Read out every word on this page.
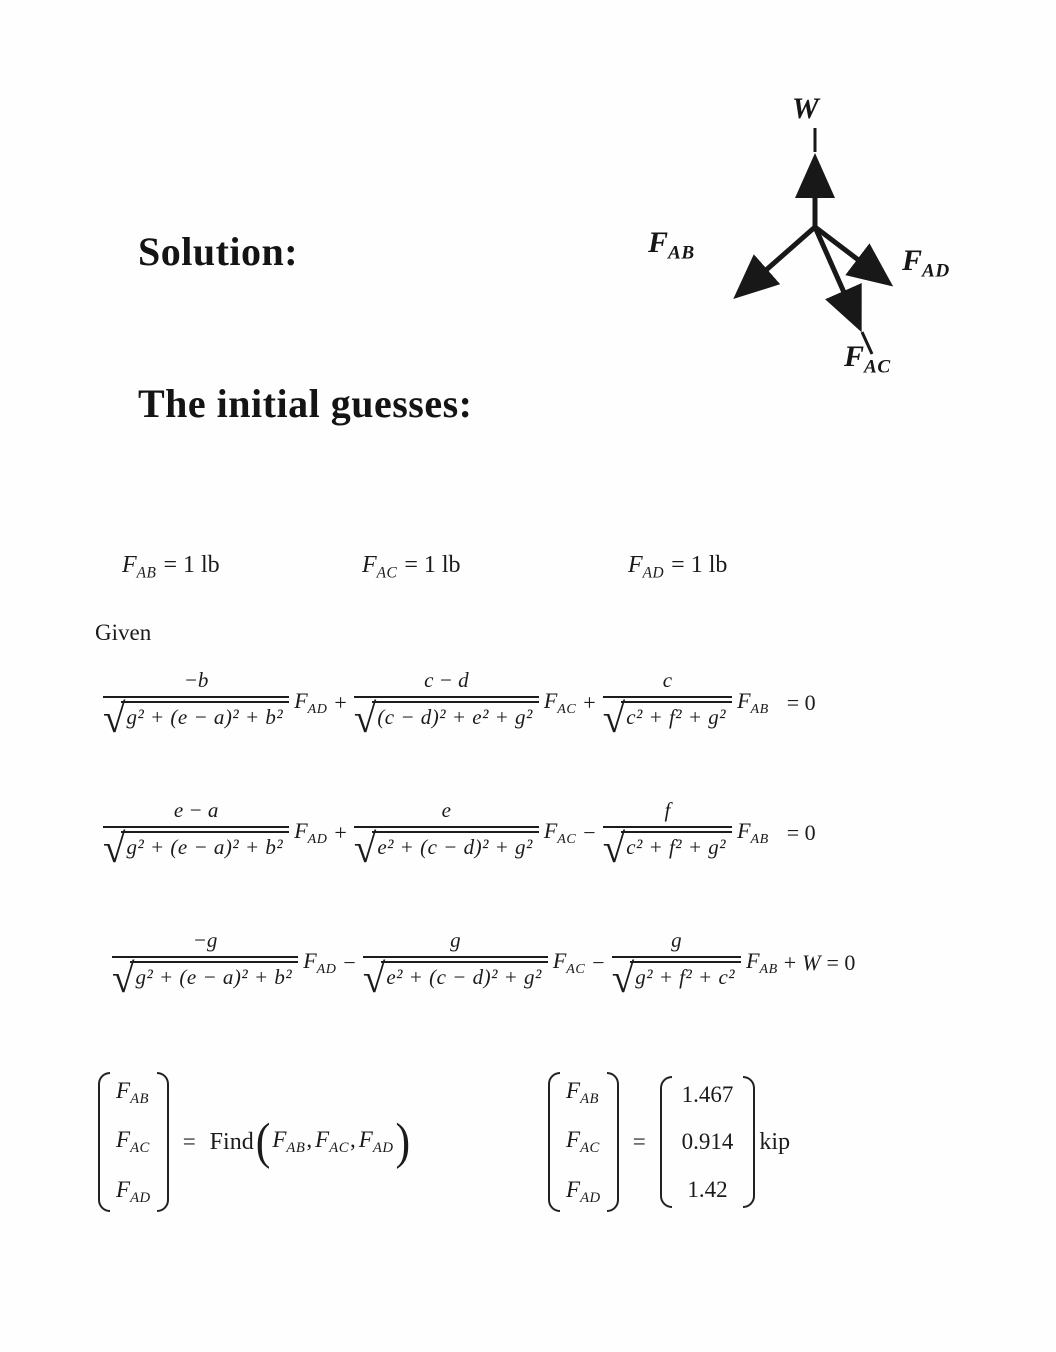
Solution:
W
$F_{AB}$	$F_{AD}$
$F_{AC}$
The initial guesses:
$F_{AB} = 1$ lb	$F_{AC} = 1$ lb	$F_{AD} = 1$ lb
Given
$\frac{-b}{\text{√ g² + (e − a)² + b²}} F_{AD} + \frac{c - d}{\text{√ (c − d)² + e² + g²}} F_{AC} + \frac{c}{\text{√ c² + f² + g²}} F_{AB} = 0$
$\frac{e - a}{\text{√ g² + (e − a)² + b²}} F_{AD} + \frac{e}{\text{√ e² + (c − d)² + g²}} F_{AC} - \frac{f}{\text{√ c² + f² + g²}} F_{AB} = 0$
$\frac{-g}{\text{√ g² + (e − a)² + b²}} F_{AD} - \frac{g}{\text{√ e² + (c − d)² + g²}} F_{AC} - \frac{g}{\text{√ g² + f² + c²}} F_{AB} + W = 0$
$F_{AB}$
$F_{AC}$
$F_{AD}$
= Find ( $F_{AB}$, $F_{AC}$, $F_{AD}$ )
$F_{AB}$
$F_{AC}$
$F_{AD}$
=
1.467
0.914
1.42
kip
